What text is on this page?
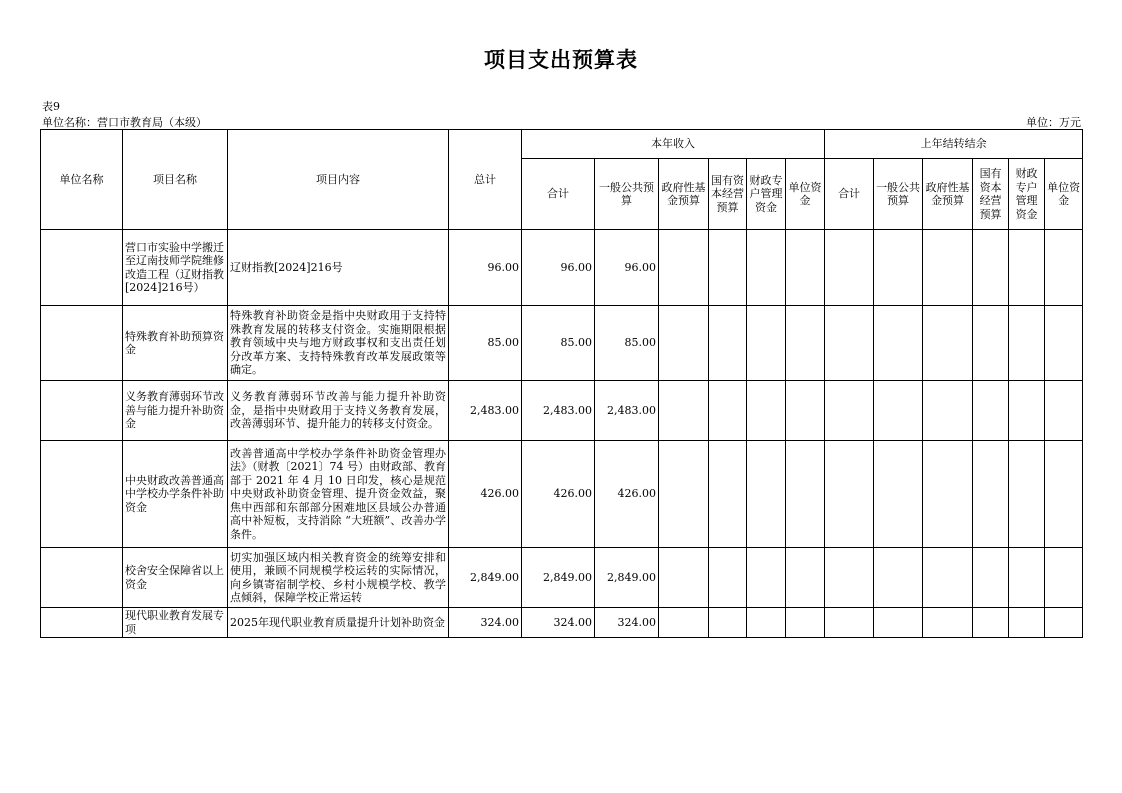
项目支出预算表
表9
单位名称：营口市教育局（本级）	单位：万元
单位名称	项目名称	项目内容	总计	本年收入						上年结转结余					
				合计	一般公共预算	政府性基金预算	国有资本经营预算	财政专户管理资金	单位资金	合计	一般公共预算	政府性基金预算	国有资本经营预算	财政专户管理资金	单位资金
	营口市实验中学搬迁至辽南技师学院维修改造工程（辽财指教[2024]216号）	辽财指教[2024]216号	96.00	96.00	96.00										
	特殊教育补助预算资金	特殊教育补助资金是指中央财政用于支持特殊教育发展的转移支付资金。实施期限根据教育领域中央与地方财政事权和支出责任划分改革方案、支持特殊教育改革发展政策等确定。	85.00	85.00	85.00										
	义务教育薄弱环节改善与能力提升补助资金	义务教育薄弱环节改善与能力提升补助资金，是指中央财政用于支持义务教育发展，改善薄弱环节、提升能力的转移支付资金。	2,483.00	2,483.00	2,483.00										
	中央财政改善普通高中学校办学条件补助资金	改善普通高中学校办学条件补助资金管理办法》（财教〔2021〕74 号）由财政部、教育部于 2021 年 4 月 10 日印发，核心是规范中央财政补助资金管理、提升资金效益，聚焦中西部和东部部分困难地区县域公办普通高中补短板，支持消除 “大班额”、改善办学条件。	426.00	426.00	426.00										
	校舍安全保障省以上资金	切实加强区域内相关教育资金的统筹安排和使用，兼顾不同规模学校运转的实际情况，向乡镇寄宿制学校、乡村小规模学校、教学点倾斜，保障学校正常运转	2,849.00	2,849.00	2,849.00										
	现代职业教育发展专项	2025年现代职业教育质量提升计划补助资金	324.00	324.00	324.00										
